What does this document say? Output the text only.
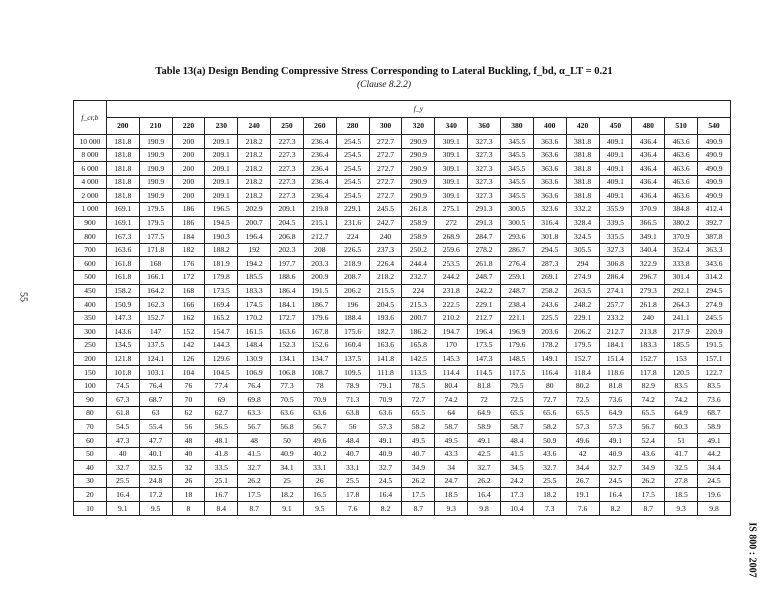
Table 13(a) Design Bending Compressive Stress Corresponding to Lateral Buckling, f_bd, α_LT = 0.21
(Clause 8.2.2)
55
IS 800 : 2007
f_cr,b	f_y																		
	200	210	220	230	240	250	260	280	300	320	340	360	380	400	420	450	480	510	540
10 000	181.8	190.9	200	209.1	218.2	227.3	236.4	254.5	272.7	290.9	309.1	327.3	345.5	363.6	381.8	409.1	436.4	463.6	490.9
8 000	181.8	190.9	200	209.1	218.2	227.3	236.4	254.5	272.7	290.9	309.1	327.3	345.5	363.6	381.8	409.1	436.4	463.6	490.9
6 000	181.8	190.9	200	209.1	218.2	227.3	236.4	254.5	272.7	290.9	309.1	327.3	345.5	363.6	381.8	409.1	436.4	463.6	490.9
4 000	181.8	190.9	200	209.1	218.2	227.3	236.4	254.5	272.7	290.9	309.1	327.3	345.5	363.6	381.8	409.1	436.4	463.6	490.9
2 000	181.8	190.9	200	209.1	218.2	227.3	236.4	254.5	272.7	290.9	309.1	327.3	345.5	363.6	381.8	409.1	436.4	463.6	490.9
1 000	169.1	179.5	186	196.5	202.9	209.1	219.8	229.1	245.5	261.8	275.1	291.3	300.5	323.6	332.2	355.9	370.9	384.8	412.4
900	169.1	179.5	186	194.5	200.7	204.5	215.1	231.6	242.7	258.9	272	291.3	300.5	316.4	328.4	339.5	366.5	380.2	392.7
800	167.3	177.5	184	190.3	196.4	206.8	212.7	224	240	258.9	268.9	284.7	293.6	301.8	324.5	335.5	349.1	370.9	387.8
700	163.6	171.8	182	188.2	192	202.3	208	226.5	237.3	250.2	259.6	278.2	286.7	294.5	305.5	327.3	340.4	352.4	363.3
600	161.8	168	176	181.9	194.2	197.7	203.3	218.9	226.4	244.4	253.5	261.8	276.4	287.3	294	306.8	322.9	333.8	343.6
500	161.8	166.1	172	179.8	185.5	188.6	200.9	208.7	218.2	232.7	244.2	248.7	259.1	269.1	274.9	286.4	296.7	301.4	314.2
450	158.2	164.2	168	173.5	183.3	186.4	191.5	206.2	215.5	224	231.8	242.2	248.7	258.2	263.5	274.1	279.3	292.1	294.5
400	150.9	162.3	166	169.4	174.5	184.1	186.7	196	204.5	215.3	222.5	229.1	238.4	243.6	248.2	257.7	261.8	264.3	274.9
350	147.3	152.7	162	165.2	170.2	172.7	179.6	188.4	193.6	200.7	210.2	212.7	221.1	225.5	229.1	233.2	240	241.1	245.5
300	143.6	147	152	154.7	161.5	163.6	167.8	175.6	182.7	186.2	194.7	196.4	196.9	203.6	206.2	212.7	213.8	217.9	220.9
250	134.5	137.5	142	144.3	148.4	152.3	152.6	160.4	163.6	165.8	170	173.5	179.6	178.2	179.5	184.1	183.3	185.5	191.5
200	121.8	124.1	126	129.6	130.9	134.1	134.7	137.5	141.8	142.5	145.3	147.3	148.5	149.1	152.7	151.4	152.7	153	157.1
150	101.8	103.1	104	104.5	106.9	106.8	108.7	109.5	111.8	113.5	114.4	114.5	117.5	116.4	118.4	118.6	117.8	120.5	122.7
100	74.5	76.4	76	77.4	76.4	77.3	78	78.9	79.1	78.5	80.4	81.8	79.5	80	80.2	81.8	82.9	83.5	83.5
90	67.3	68.7	70	69	69.8	70.5	70.9	71.3	70.9	72.7	74.2	72	72.5	72.7	72.5	73.6	74.2	74.2	73.6
80	61.8	63	62	62.7	63.3	63.6	63.6	63.8	63.6	65.5	64	64.9	65.5	65.6	65.5	64.9	65.5	64.9	68.7
70	54.5	55.4	56	56.5	56.7	56.8	56.7	56	57.3	58.2	58.7	58.9	58.7	58.2	57.3	57.3	56.7	60.3	58.9
60	47.3	47.7	48	48.1	48	50	49.6	48.4	49.1	49.5	49.5	49.1	48.4	50.9	49.6	49.1	52.4	51	49.1
50	40	40.1	40	41.8	41.5	40.9	40.2	40.7	40.9	40.7	43.3	42.5	41.5	43.6	42	40.9	43.6	41.7	44.2
40	32.7	32.5	32	33.5	32.7	34.1	33.1	33.1	32.7	34.9	34	32.7	34.5	32.7	34.4	32.7	34.9	32.5	34.4
30	25.5	24.8	26	25.1	26.2	25	26	25.5	24.5	26.2	24.7	26.2	24.2	25.5	26.7	24.5	26.2	27.8	24.5
20	16.4	17.2	18	16.7	17.5	18.2	16.5	17.8	16.4	17.5	18.5	16.4	17.3	18.2	19.1	16.4	17.5	18.5	19.6
10	9.1	9.5	8	8.4	8.7	9.1	9.5	7.6	8.2	8.7	9.3	9.8	10.4	7.3	7.6	8.2	8.7	9.3	9.8
